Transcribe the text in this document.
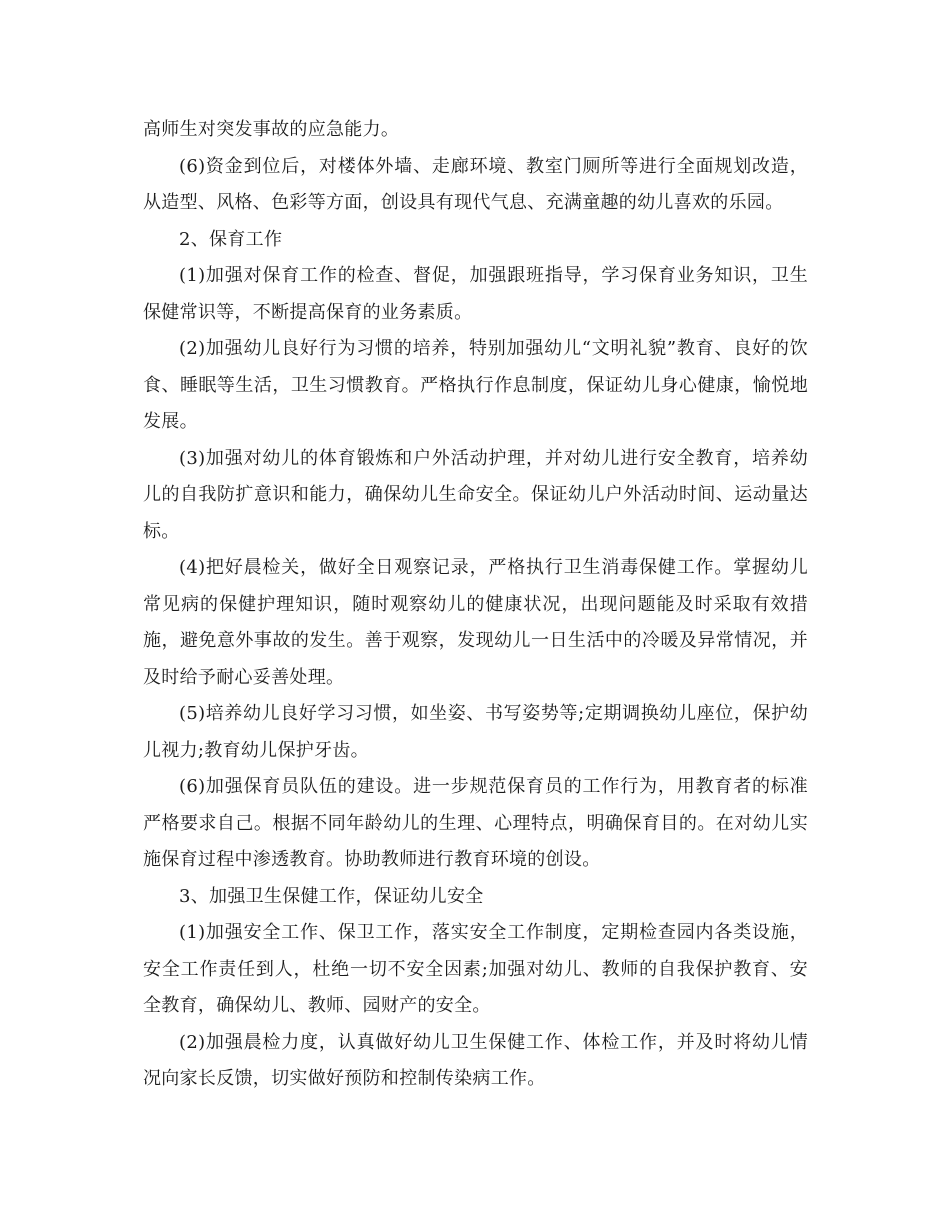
高师生对突发事故的应急能力。

(6)资金到位后，对楼体外墙、走廊环境、教室门厕所等进行全面规划改造，从造型、风格、色彩等方面，创设具有现代气息、充满童趣的幼儿喜欢的乐园。

2、保育工作

(1)加强对保育工作的检查、督促，加强跟班指导，学习保育业务知识，卫生保健常识等，不断提高保育的业务素质。

(2)加强幼儿良好行为习惯的培养，特别加强幼儿“文明礼貌”教育、良好的饮食、睡眠等生活，卫生习惯教育。严格执行作息制度，保证幼儿身心健康，愉悦地发展。

(3)加强对幼儿的体育锻炼和户外活动护理，并对幼儿进行安全教育，培养幼儿的自我防扩意识和能力，确保幼儿生命安全。保证幼儿户外活动时间、运动量达标。

(4)把好晨检关，做好全日观察记录，严格执行卫生消毒保健工作。掌握幼儿常见病的保健护理知识，随时观察幼儿的健康状况，出现问题能及时采取有效措施，避免意外事故的发生。善于观察，发现幼儿一日生活中的冷暖及异常情况，并及时给予耐心妥善处理。

(5)培养幼儿良好学习习惯，如坐姿、书写姿势等;定期调换幼儿座位，保护幼儿视力;教育幼儿保护牙齿。

(6)加强保育员队伍的建设。进一步规范保育员的工作行为，用教育者的标准严格要求自己。根据不同年龄幼儿的生理、心理特点，明确保育目的。在对幼儿实施保育过程中渗透教育。协助教师进行教育环境的创设。

3、加强卫生保健工作，保证幼儿安全

(1)加强安全工作、保卫工作，落实安全工作制度，定期检查园内各类设施，安全工作责任到人，杜绝一切不安全因素;加强对幼儿、教师的自我保护教育、安全教育，确保幼儿、教师、园财产的安全。

(2)加强晨检力度，认真做好幼儿卫生保健工作、体检工作，并及时将幼儿情况向家长反馈，切实做好预防和控制传染病工作。
